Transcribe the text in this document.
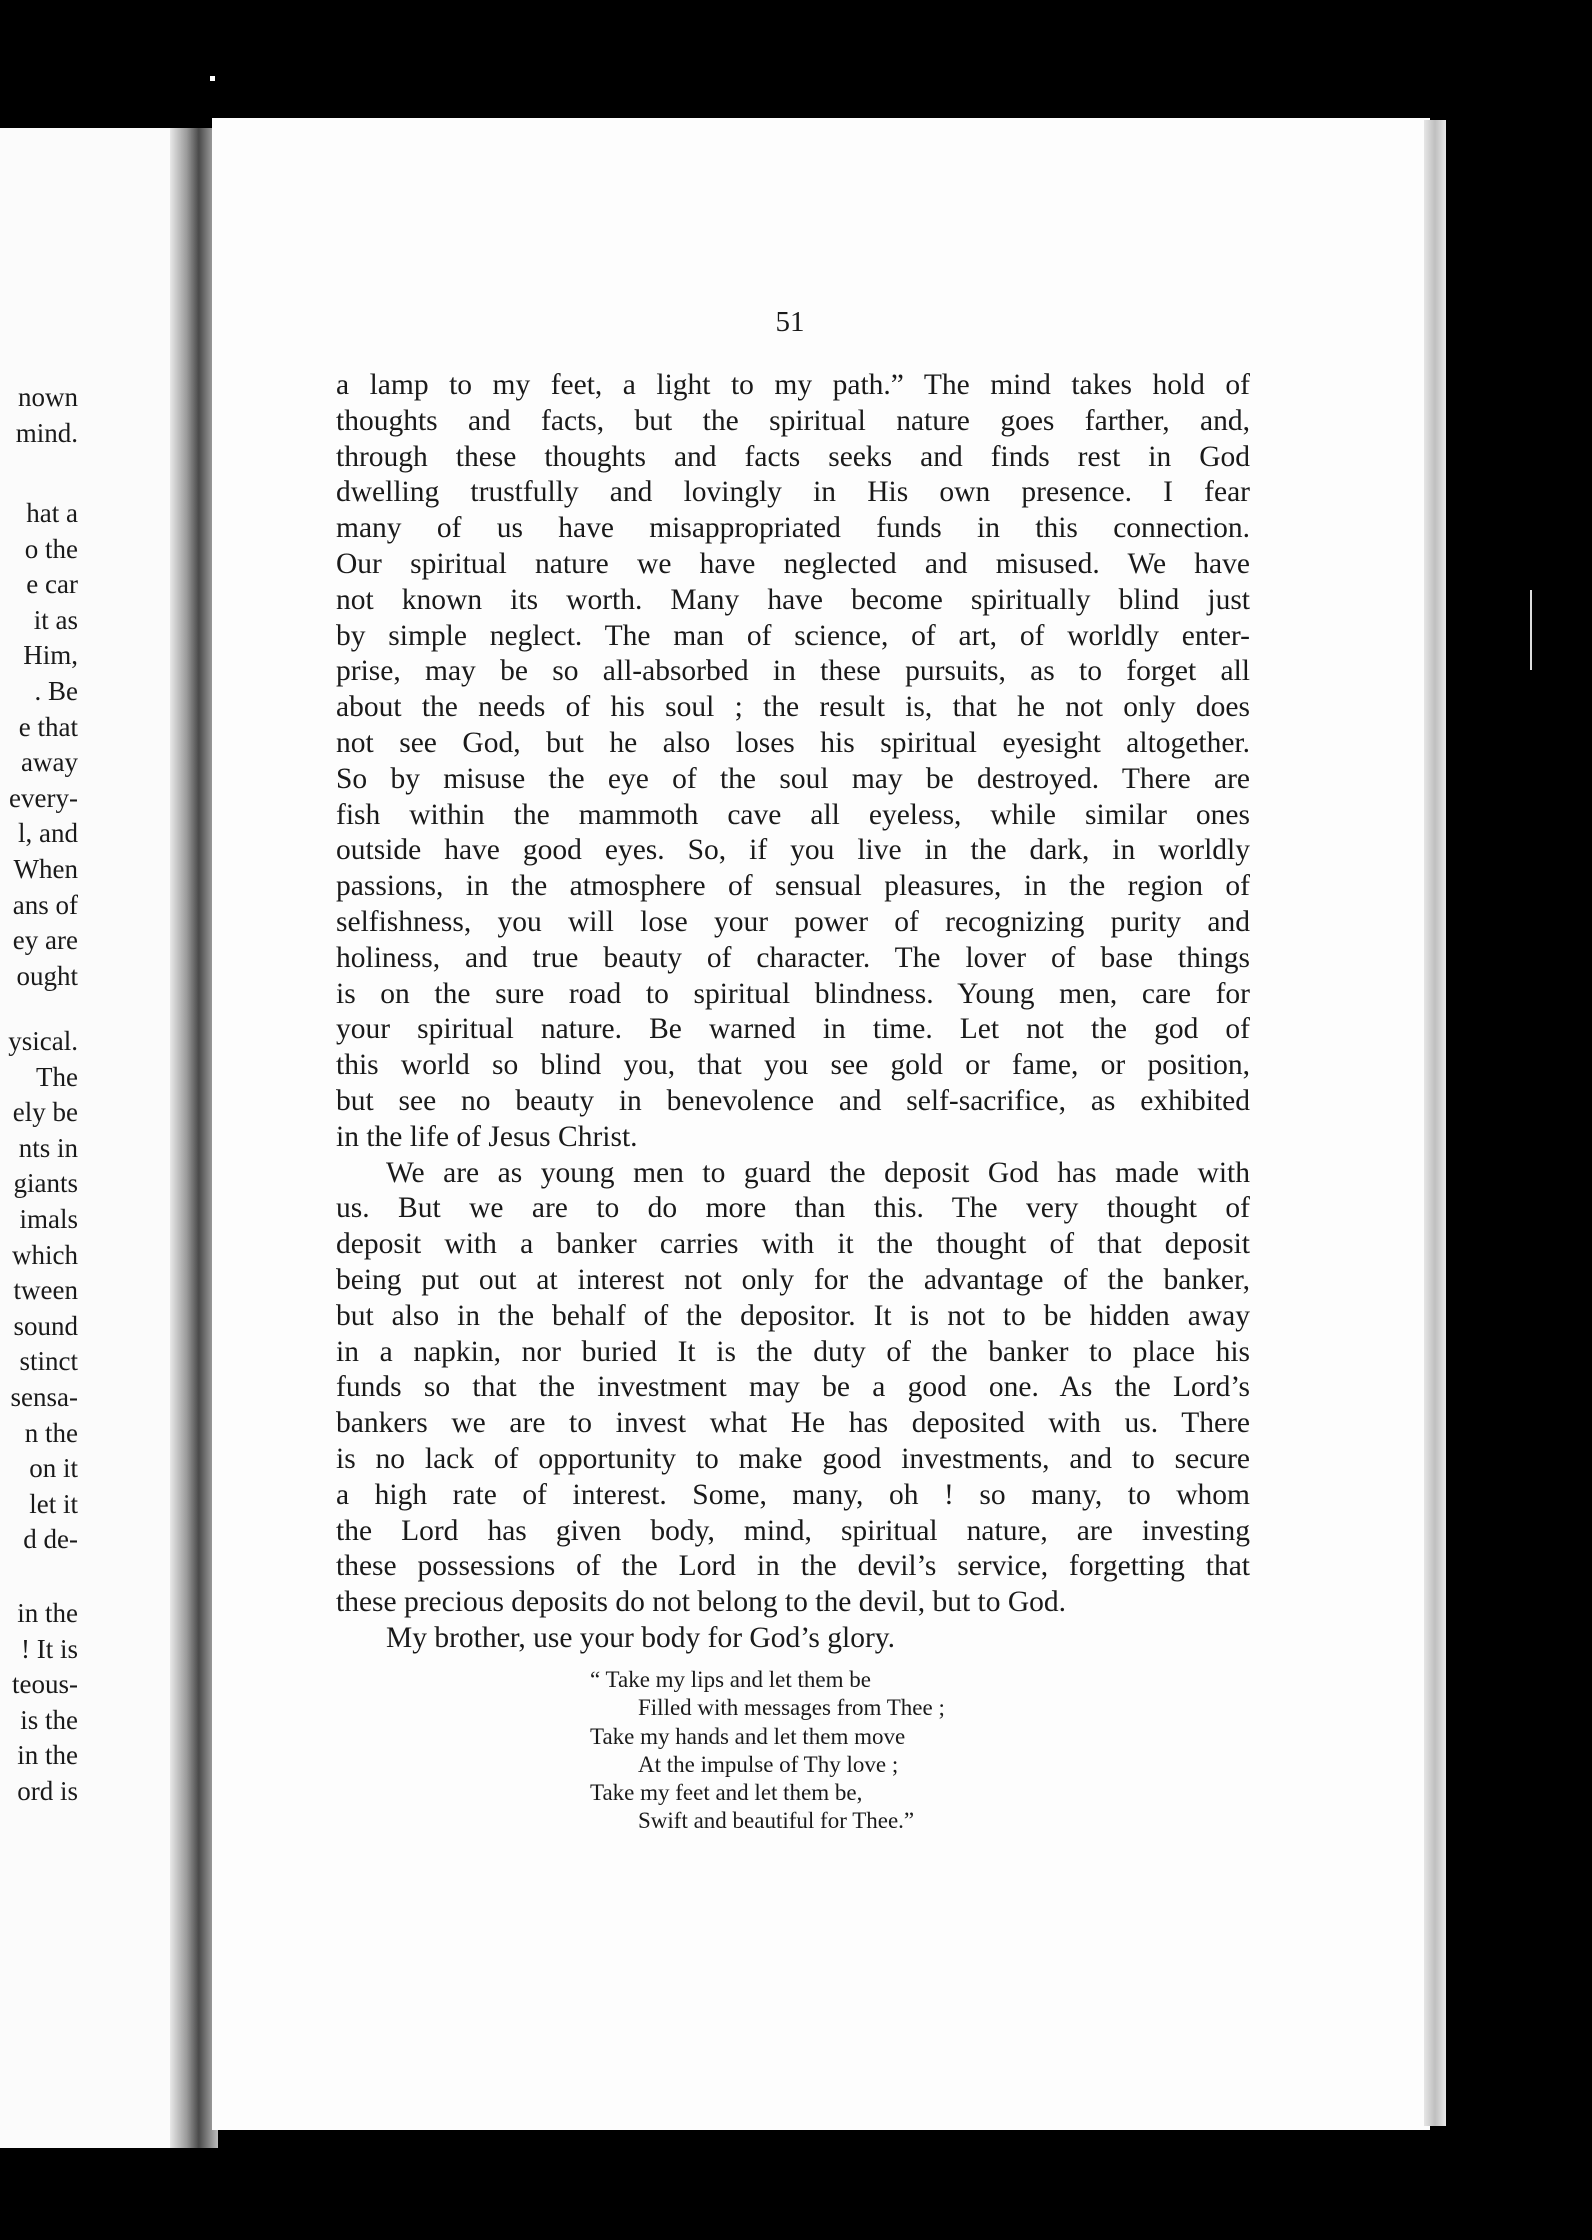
nown
mind.
hat a
o the
e car
it as
Him,
. Be
e that
away
every-
l, and
When
ans of
ey are
ought
ysical.
The
ely be
nts in
giants
imals
which
tween
sound
stinct
sensa-
n the
on it
let it
d de-
in the
! It is
teous-
is the
in the
ord is
51
a lamp to my feet, a light to my path.” The mind takes hold of
thoughts and facts, but the spiritual nature goes farther, and,
through these thoughts and facts seeks and finds rest in God
dwelling trustfully and lovingly in His own presence. I fear
many of us have misappropriated funds in this connection.
Our spiritual nature we have neglected and misused. We have
not known its worth. Many have become spiritually blind just
by simple neglect. The man of science, of art, of worldly enter-
prise, may be so all-absorbed in these pursuits, as to forget all
about the needs of his soul ; the result is, that he not only does
not see God, but he also loses his spiritual eyesight altogether.
So by misuse the eye of the soul may be destroyed. There are
fish within the mammoth cave all eyeless, while similar ones
outside have good eyes. So, if you live in the dark, in worldly
passions, in the atmosphere of sensual pleasures, in the region of
selfishness, you will lose your power of recognizing purity and
holiness, and true beauty of character. The lover of base things
is on the sure road to spiritual blindness. Young men, care for
your spiritual nature. Be warned in time. Let not the god of
this world so blind you, that you see gold or fame, or position,
but see no beauty in benevolence and self-sacrifice, as exhibited
in the life of Jesus Christ.
We are as young men to guard the deposit God has made with
us. But we are to do more than this. The very thought of
deposit with a banker carries with it the thought of that deposit
being put out at interest not only for the advantage of the banker,
but also in the behalf of the depositor. It is not to be hidden away
in a napkin, nor buried It is the duty of the banker to place his
funds so that the investment may be a good one. As the Lord’s
bankers we are to invest what He has deposited with us. There
is no lack of opportunity to make good investments, and to secure
a high rate of interest. Some, many, oh ! so many, to whom
the Lord has given body, mind, spiritual nature, are investing
these possessions of the Lord in the devil’s service, forgetting that
these precious deposits do not belong to the devil, but to God.
My brother, use your body for God’s glory.
“ Take my lips and let them be
Filled with messages from Thee ;
Take my hands and let them move
At the impulse of Thy love ;
Take my feet and let them be,
Swift and beautiful for Thee.”
